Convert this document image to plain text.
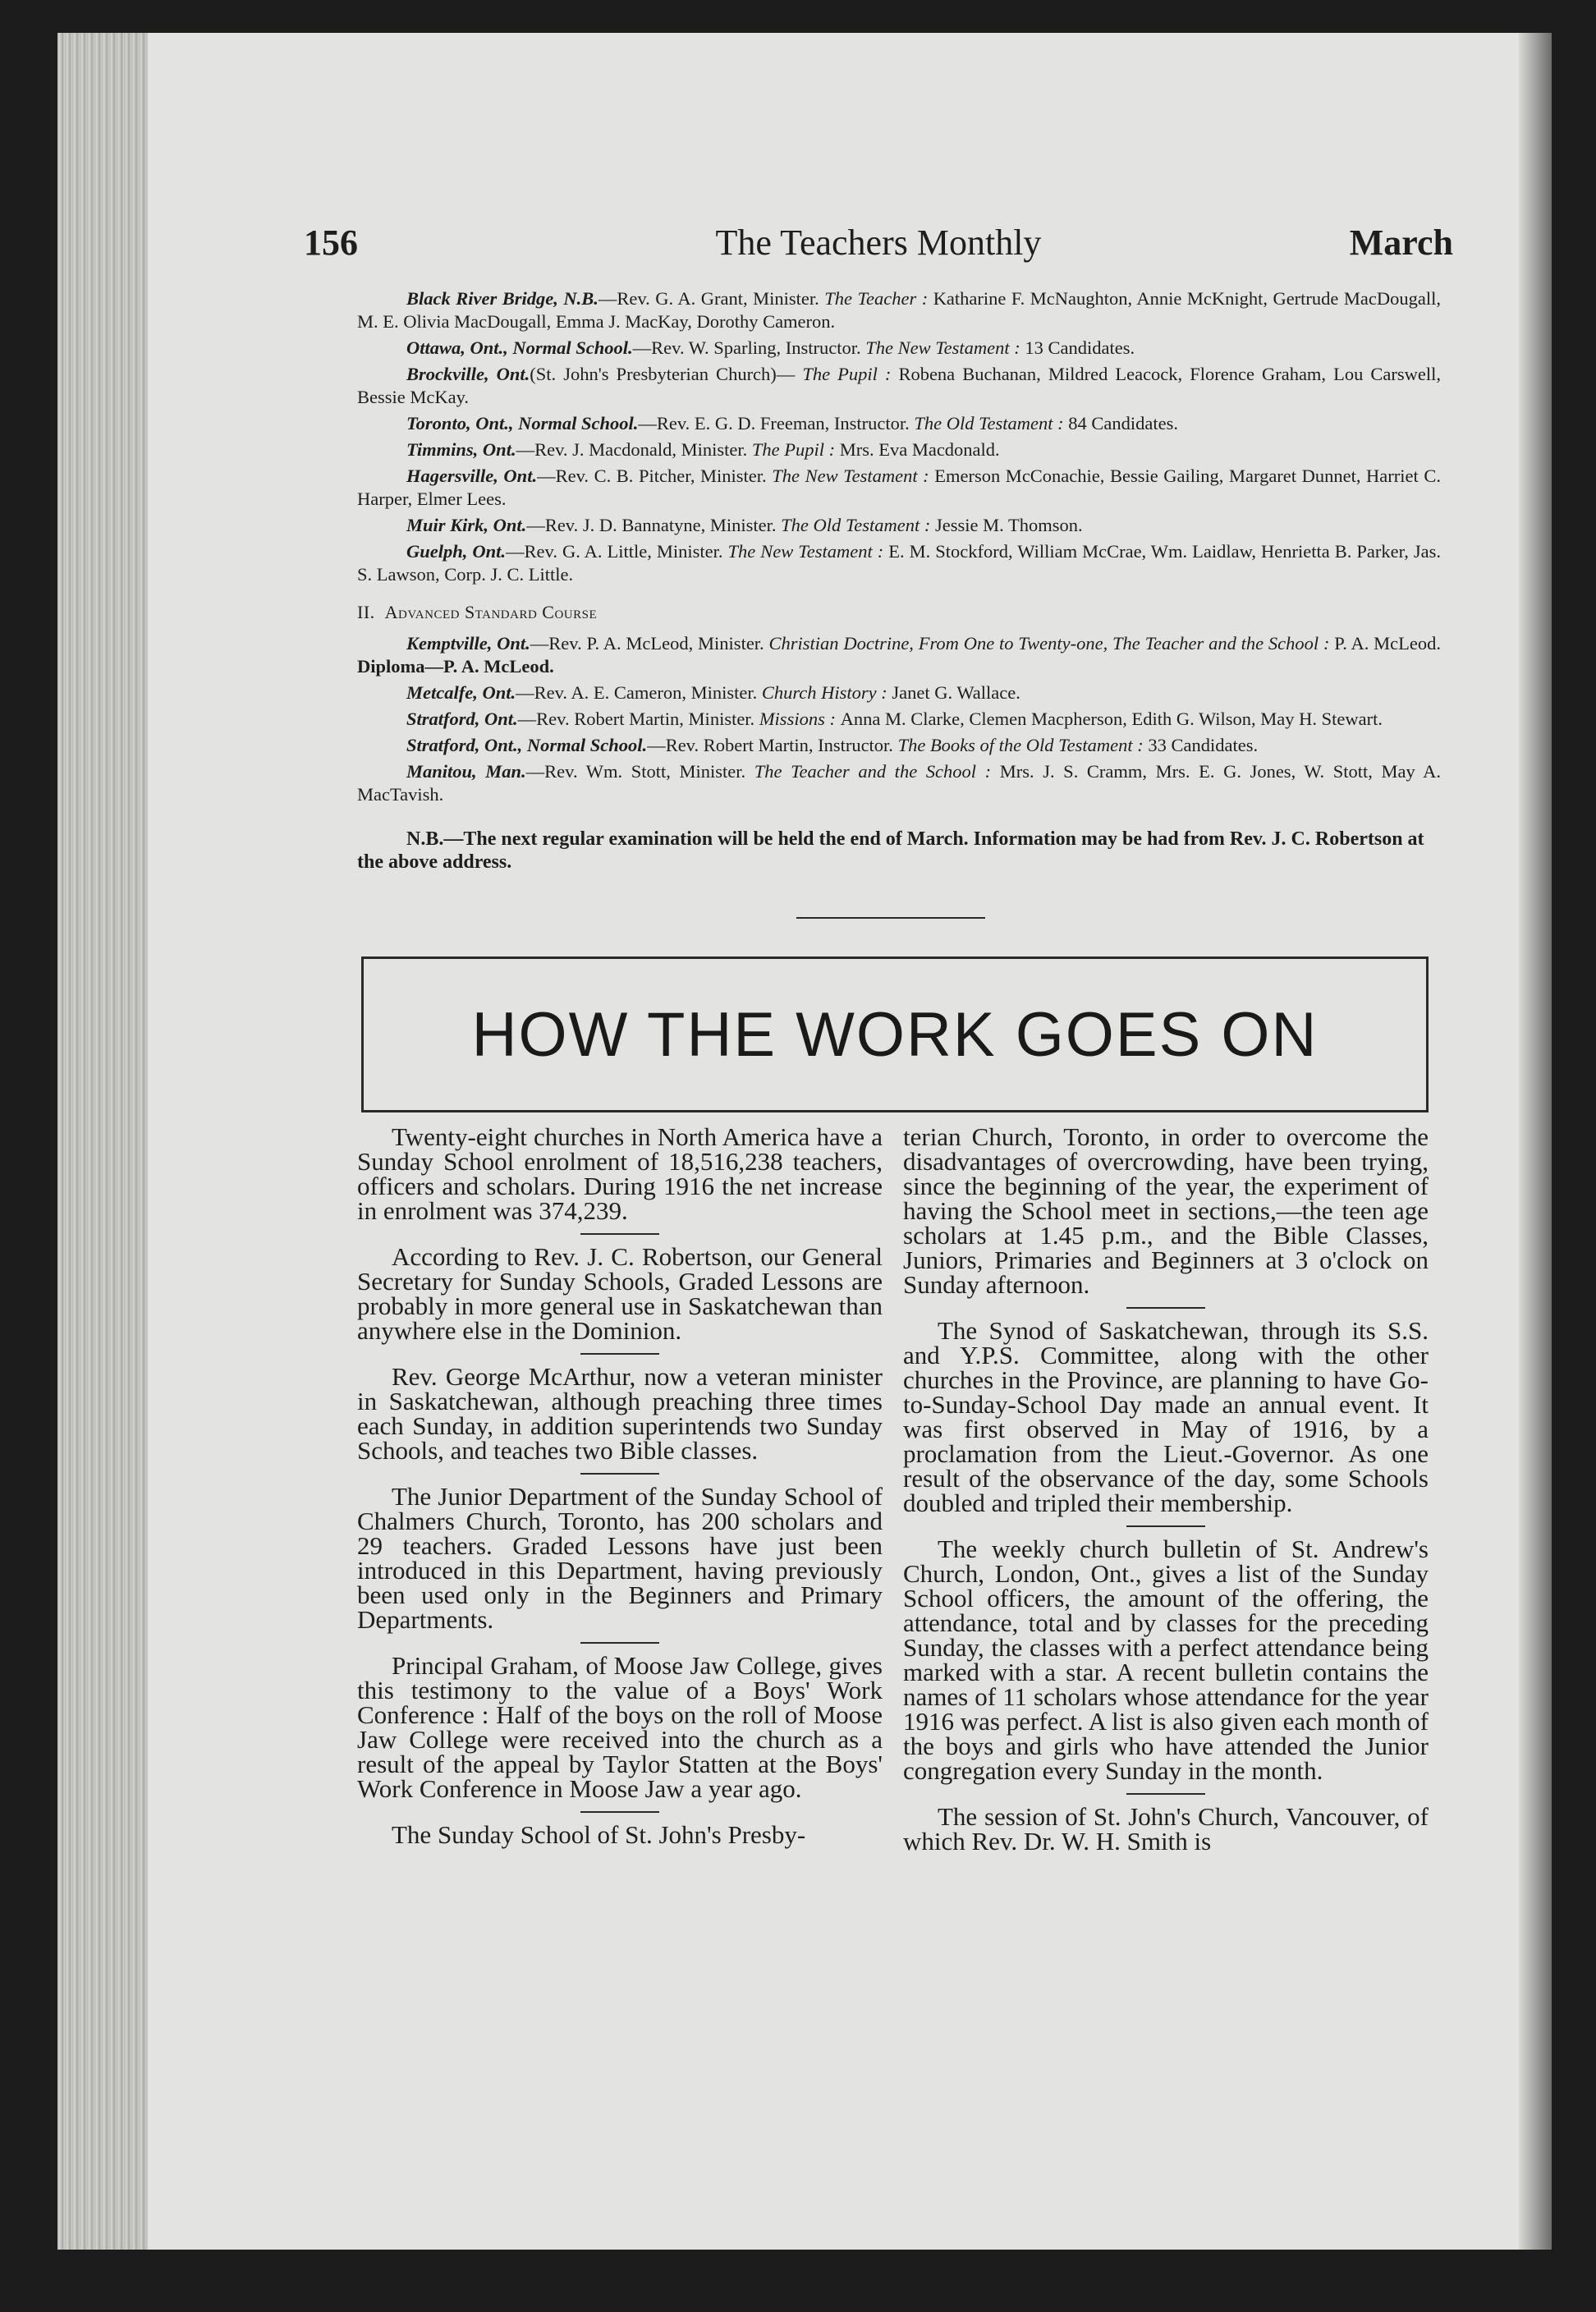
The Teachers Monthly
156	March

Black River Bridge, N.B.—Rev. G. A. Grant, Minister. The Teacher : Katharine F. McNaughton, Annie McKnight, Gertrude MacDougall, M. E. Olivia MacDougall, Emma J. MacKay, Dorothy Cameron.

Ottawa, Ont., Normal School.—Rev. W. Sparling, Instructor. The New Testament : 13 Candidates.

Brockville, Ont.(St. John's Presbyterian Church)— The Pupil : Robena Buchanan, Mildred Leacock, Florence Graham, Lou Carswell, Bessie McKay.

Toronto, Ont., Normal School.—Rev. E. G. D. Freeman, Instructor. The Old Testament : 84 Candidates.

Timmins, Ont.—Rev. J. Macdonald, Minister. The Pupil : Mrs. Eva Macdonald.

Hagersville, Ont.—Rev. C. B. Pitcher, Minister. The New Testament : Emerson McConachie, Bessie Gailing, Margaret Dunnet, Harriet C. Harper, Elmer Lees.

Muir Kirk, Ont.—Rev. J. D. Bannatyne, Minister. The Old Testament : Jessie M. Thomson.

Guelph, Ont.—Rev. G. A. Little, Minister. The New Testament : E. M. Stockford, William McCrae, Wm. Laidlaw, Henrietta B. Parker, Jas. S. Lawson, Corp. J. C. Little.

II. Advanced Standard Course

Kemptville, Ont.—Rev. P. A. McLeod, Minister. Christian Doctrine, From One to Twenty-one, The Teacher and the School : P. A. McLeod. Diploma—P. A. McLeod.

Metcalfe, Ont.—Rev. A. E. Cameron, Minister. Church History : Janet G. Wallace.

Stratford, Ont.—Rev. Robert Martin, Minister. Missions : Anna M. Clarke, Clemen Macpherson, Edith G. Wilson, May H. Stewart.

Stratford, Ont., Normal School.—Rev. Robert Martin, Instructor. The Books of the Old Testament : 33 Candidates.

Manitou, Man.—Rev. Wm. Stott, Minister. The Teacher and the School : Mrs. J. S. Cramm, Mrs. E. G. Jones, W. Stott, May A. MacTavish.

N.B.—The next regular examination will be held the end of March. Information may be had from Rev. J. C. Robertson at the above address.
HOW THE WORK GOES ON

Twenty-eight churches in North America have a Sunday School enrolment of 18,516,238 teachers, officers and scholars. During 1916 the net increase in enrolment was 374,239.

According to Rev. J. C. Robertson, our General Secretary for Sunday Schools, Graded Lessons are probably in more general use in Saskatchewan than anywhere else in the Dominion.

Rev. George McArthur, now a veteran minister in Saskatchewan, although preaching three times each Sunday, in addition superintends two Sunday Schools, and teaches two Bible classes.

The Junior Department of the Sunday School of Chalmers Church, Toronto, has 200 scholars and 29 teachers. Graded Lessons have just been introduced in this Department, having previously been used only in the Beginners and Primary Departments.

Principal Graham, of Moose Jaw College, gives this testimony to the value of a Boys' Work Conference : Half of the boys on the roll of Moose Jaw College were received into the church as a result of the appeal by Taylor Statten at the Boys' Work Conference in Moose Jaw a year ago.

The Sunday School of St. John's Presby-

terian Church, Toronto, in order to overcome the disadvantages of overcrowding, have been trying, since the beginning of the year, the experiment of having the School meet in sections,—the teen age scholars at 1.45 p.m., and the Bible Classes, Juniors, Primaries and Beginners at 3 o'clock on Sunday afternoon.

The Synod of Saskatchewan, through its S.S. and Y.P.S. Committee, along with the other churches in the Province, are planning to have Go-to-Sunday-School Day made an annual event. It was first observed in May of 1916, by a proclamation from the Lieut.-Governor. As one result of the observance of the day, some Schools doubled and tripled their membership.

The weekly church bulletin of St. Andrew's Church, London, Ont., gives a list of the Sunday School officers, the amount of the offering, the attendance, total and by classes for the preceding Sunday, the classes with a perfect attendance being marked with a star. A recent bulletin contains the names of 11 scholars whose attendance for the year 1916 was perfect. A list is also given each month of the boys and girls who have attended the Junior congregation every Sunday in the month.

The session of St. John's Church, Vancouver, of which Rev. Dr. W. H. Smith is
